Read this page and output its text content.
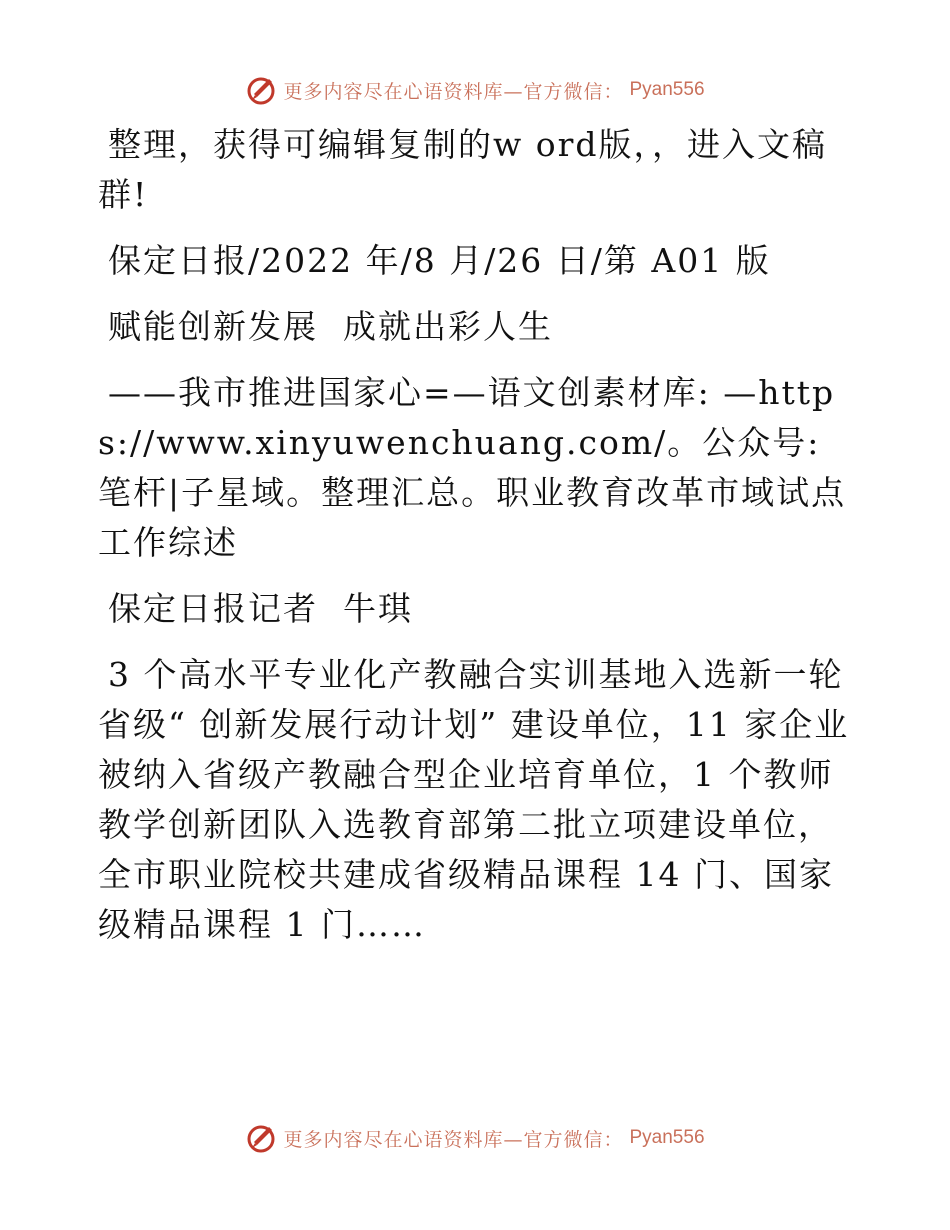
更多内容尽在心语资料库—官方微信： Pyan556

整理，获得可编辑复制的w ord版，，进入文稿群!

保定日报/2022 年/8 月/26 日/第 A01 版

赋能创新发展  成就出彩人生

——我市推进国家心=—语文创素材库: —https://www.xinyuwenchuang.com/。公众号: 笔杆|子星域。整理汇总。职业教育改革市域试点工作综述

保定日报记者  牛琪

3 个高水平专业化产教融合实训基地入选新一轮省级“ 创新发展行动计划” 建设单位，11 家企业被纳入省级产教融合型企业培育单位，1 个教师教学创新团队入选教育部第二批立项建设单位，全市职业院校共建成省级精品课程 14 门、国家级精品课程 1 门……

更多内容尽在心语资料库—官方微信： Pyan556
